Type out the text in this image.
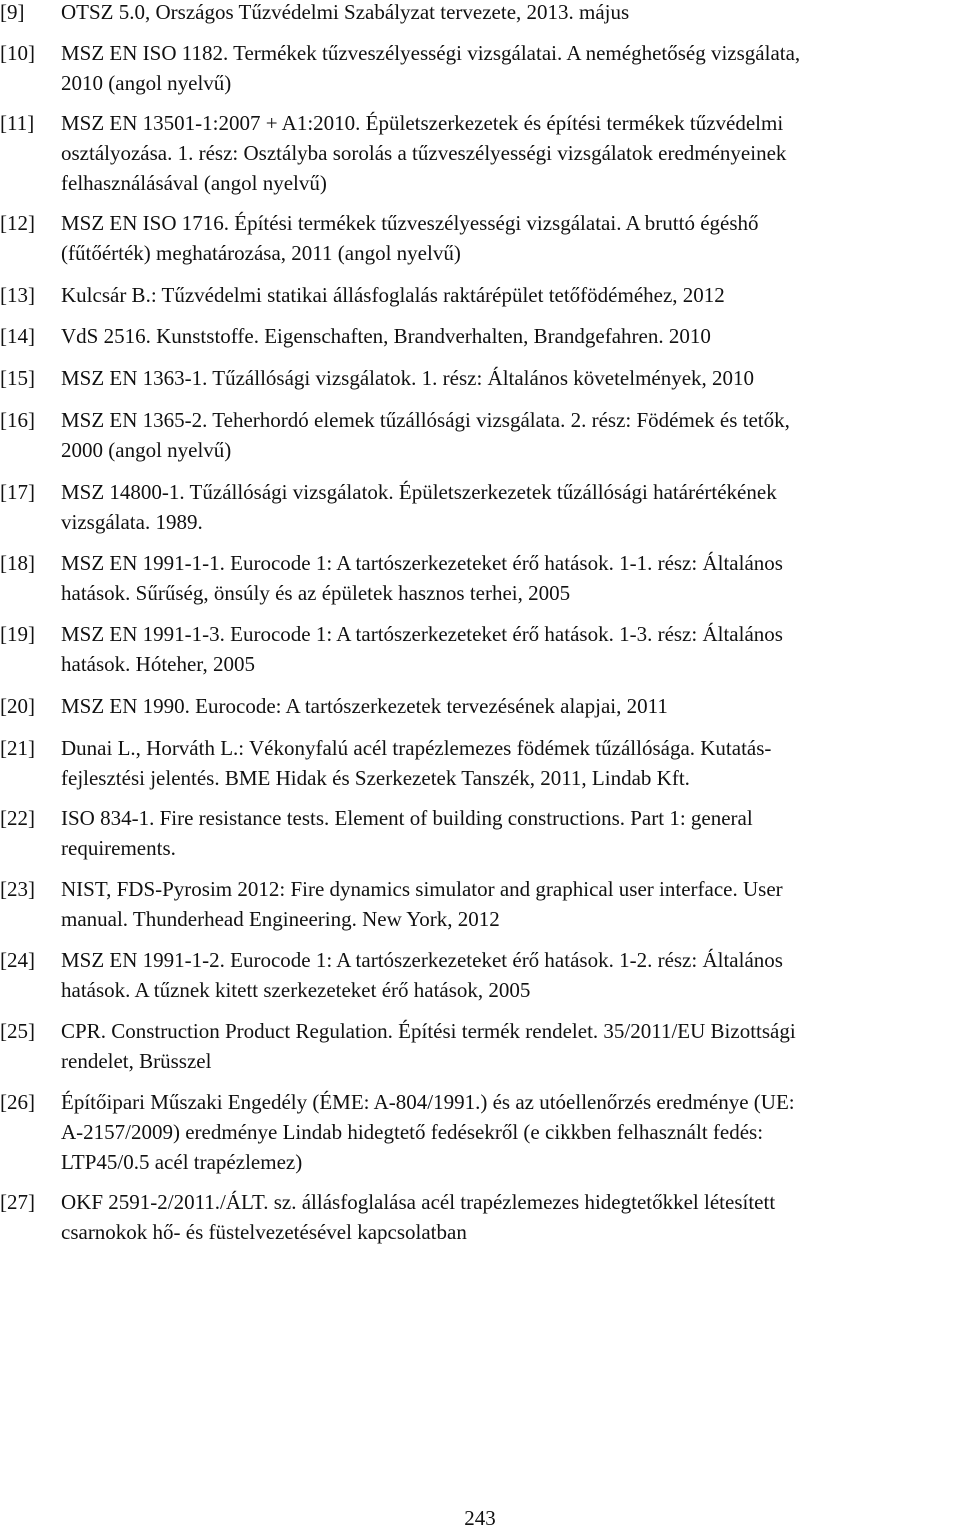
[9] OTSZ 5.0, Országos Tűzvédelmi Szabályzat tervezete, 2013. május
[10] MSZ EN ISO 1182. Termékek tűzveszélyességi vizsgálatai. A neméghetőség vizsgálata,
2010 (angol nyelvű)
[11] MSZ EN 13501-1:2007 + A1:2010. Épületszerkezetek és építési termékek tűzvédelmi
osztályozása. 1. rész: Osztályba sorolás a tűzveszélyességi vizsgálatok eredményeinek
felhasználásával (angol nyelvű)
[12] MSZ EN ISO 1716. Építési termékek tűzveszélyességi vizsgálatai. A bruttó égéshő
(fűtőérték) meghatározása, 2011 (angol nyelvű)
[13] Kulcsár B.: Tűzvédelmi statikai állásfoglalás raktárépület tetőfödéméhez, 2012
[14] VdS 2516. Kunststoffe. Eigenschaften, Brandverhalten, Brandgefahren. 2010
[15] MSZ EN 1363-1. Tűzállósági vizsgálatok. 1. rész: Általános követelmények, 2010
[16] MSZ EN 1365-2. Teherhordó elemek tűzállósági vizsgálata. 2. rész: Födémek és tetők,
2000 (angol nyelvű)
[17] MSZ 14800-1. Tűzállósági vizsgálatok. Épületszerkezetek tűzállósági határértékének
vizsgálata. 1989.
[18] MSZ EN 1991-1-1. Eurocode 1: A tartószerkezeteket érő hatások. 1-1. rész: Általános
hatások. Sűrűség, önsúly és az épületek hasznos terhei, 2005
[19] MSZ EN 1991-1-3. Eurocode 1: A tartószerkezeteket érő hatások. 1-3. rész: Általános
hatások. Hóteher, 2005
[20] MSZ EN 1990. Eurocode: A tartószerkezetek tervezésének alapjai, 2011
[21] Dunai L., Horváth L.: Vékonyfalú acél trapézlemezes födémek tűzállósága. Kutatás-
fejlesztési jelentés. BME Hidak és Szerkezetek Tanszék, 2011, Lindab Kft.
[22] ISO 834-1. Fire resistance tests. Element of building constructions. Part 1: general
requirements.
[23] NIST, FDS-Pyrosim 2012: Fire dynamics simulator and graphical user interface. User
manual. Thunderhead Engineering. New York, 2012
[24] MSZ EN 1991-1-2. Eurocode 1: A tartószerkezeteket érő hatások. 1-2. rész: Általános
hatások. A tűznek kitett szerkezeteket érő hatások, 2005
[25] CPR. Construction Product Regulation. Építési termék rendelet. 35/2011/EU Bizottsági
rendelet, Brüsszel
[26] Építőipari Műszaki Engedély (ÉME: A-804/1991.) és az utóellenőrzés eredménye (UE:
A-2157/2009) eredménye Lindab hidegtető fedésekről (e cikkben felhasznált fedés:
LTP45/0.5 acél trapézlemez)
[27] OKF 2591-2/2011./ÁLT. sz. állásfoglalása acél trapézlemezes hidegtetőkkel létesített
csarnokok hő- és füstelvezetésével kapcsolatban
243
